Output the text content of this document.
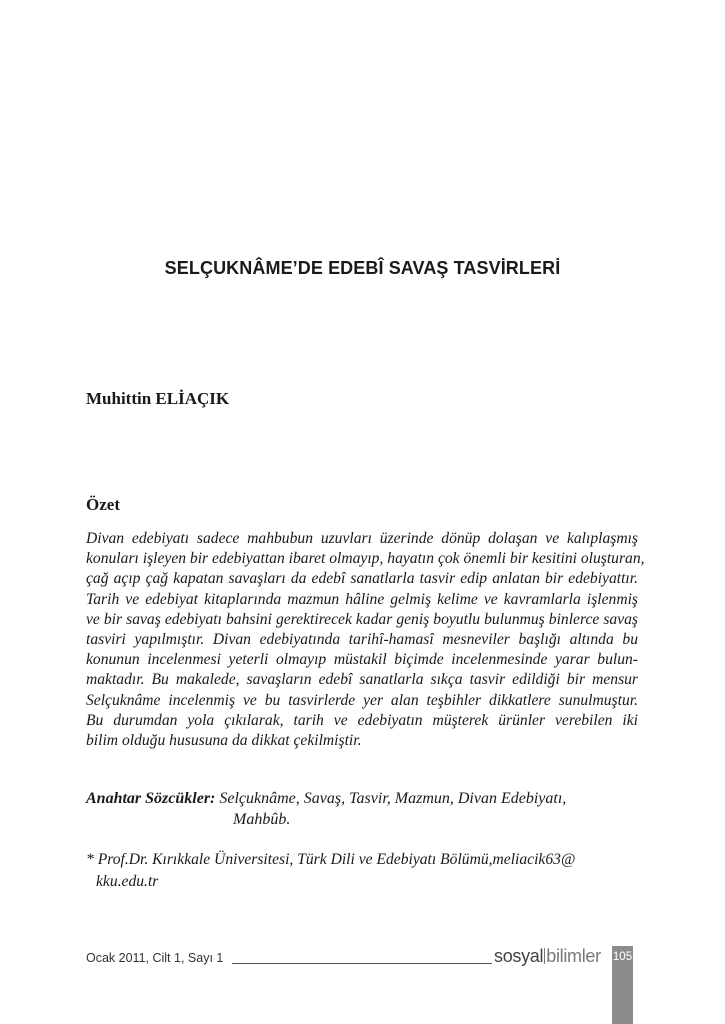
SELÇUKNÂME’DE EDEBÎ SAVAŞ TASVİRLERİ
Muhittin ELİAÇIK
Özet
Divan edebiyatı sadece mahbubun uzuvları üzerinde dönüp dolaşan ve kalıplaşmış
konuları işleyen bir edebiyattan ibaret olmayıp, hayatın çok önemli bir kesitini oluşturan,
çağ açıp çağ kapatan savaşları da edebî sanatlarla tasvir edip anlatan bir edebiyattır.
Tarih ve edebiyat kitaplarında mazmun hâline gelmiş kelime ve kavramlarla işlenmiş
ve bir savaş edebiyatı bahsini gerektirecek kadar geniş boyutlu bulunmuş binlerce savaş
tasviri yapılmıştır. Divan edebiyatında tarihî-hamasî mesneviler başlığı altında bu
konunun incelenmesi yeterli olmayıp müstakil biçimde incelenmesinde yarar bulun-
maktadır. Bu makalede, savaşların edebî sanatlarla sıkça tasvir edildiği bir mensur
Selçuknâme incelenmiş ve bu tasvirlerde yer alan teşbihler dikkatlere sunulmuştur.
Bu durumdan yola çıkılarak, tarih ve edebiyatın müşterek ürünler verebilen iki
bilim olduğu hususuna da dikkat çekilmiştir.
Anahtar Sözcükler: Selçuknâme, Savaş, Tasvir, Mazmun, Divan Edebiyatı,
Mahbûb.
* Prof.Dr. Kırıkkale Üniversitesi, Türk Dili ve Edebiyatı Bölümü,meliacik63@
kku.edu.tr
Ocak 2011, Cilt 1, Sayı 1	sosyal bilimler 105
